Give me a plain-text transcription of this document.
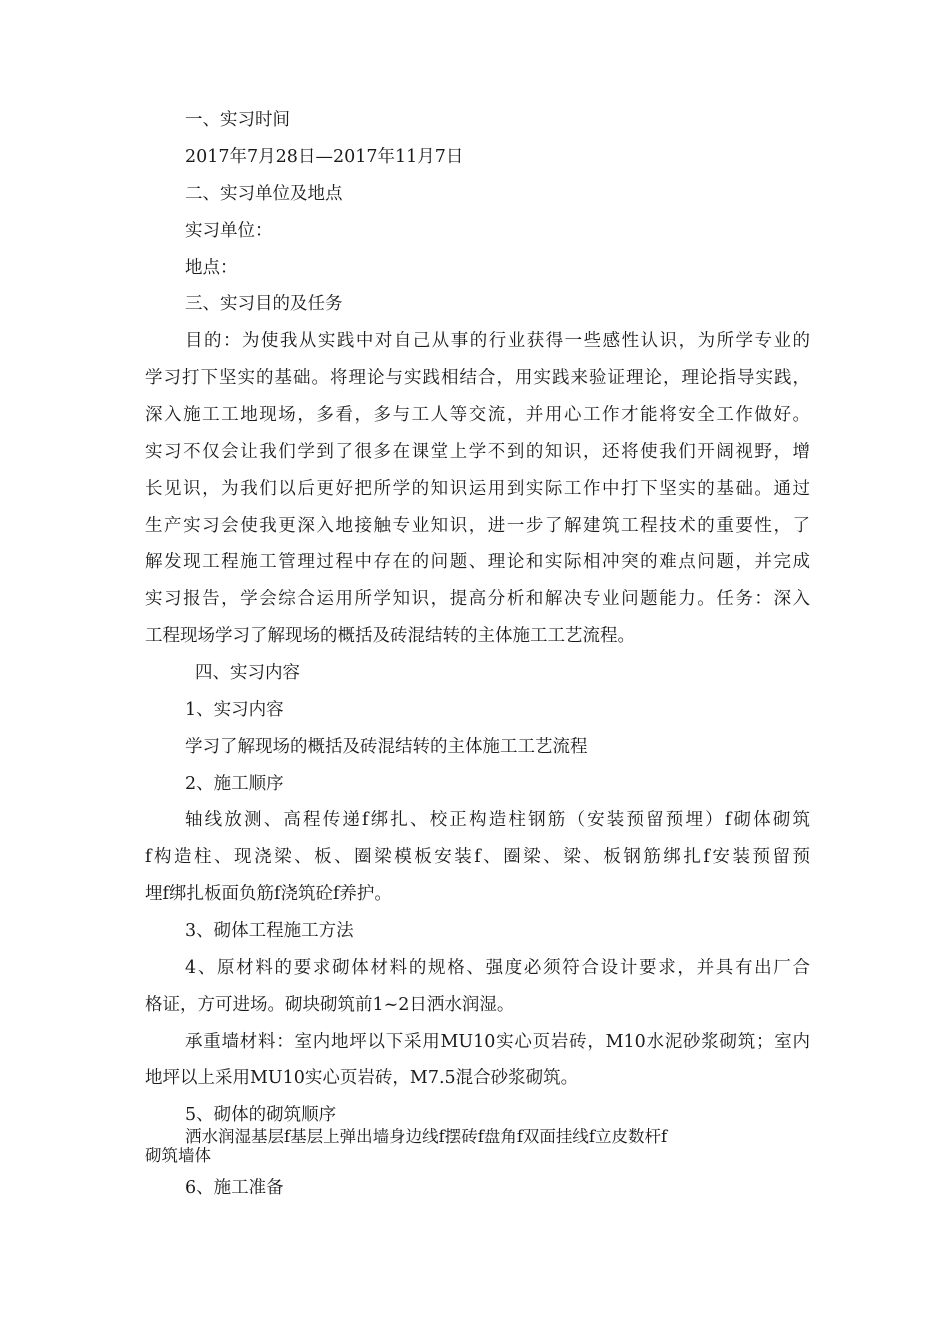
一、实习时间
2017年7月28日—2017年11月7日
二、实习单位及地点
实习单位：
地点：
三、实习目的及任务
目的：为使我从实践中对自己从事的行业获得一些感性认识，为所学专业的
学习打下坚实的基础。将理论与实践相结合，用实践来验证理论，理论指导实践，
深入施工工地现场，多看，多与工人等交流，并用心工作才能将安全工作做好。
实习不仅会让我们学到了很多在课堂上学不到的知识，还将使我们开阔视野，增
长见识，为我们以后更好把所学的知识运用到实际工作中打下坚实的基础。通过
生产实习会使我更深入地接触专业知识，进一步了解建筑工程技术的重要性，了
解发现工程施工管理过程中存在的问题、理论和实际相冲突的难点问题，并完成
实习报告，学会综合运用所学知识，提高分析和解决专业问题能力。任务：深入
工程现场学习了解现场的概括及砖混结转的主体施工工艺流程。
四、实习内容
1、实习内容
学习了解现场的概括及砖混结转的主体施工工艺流程
2、施工顺序
轴线放测、高程传递f绑扎、校正构造柱钢筋（安装预留预埋）f砌体砌筑
f构造柱、现浇梁、板、圈梁模板安装f、圈梁、梁、板钢筋绑扎f安装预留预
埋f绑扎板面负筋f浇筑砼f养护。
3、砌体工程施工方法
4、原材料的要求砌体材料的规格、强度必须符合设计要求，并具有出厂合
格证，方可进场。砌块砌筑前1~2日洒水润湿。
承重墙材料：室内地坪以下采用MU10实心页岩砖，M10水泥砂浆砌筑；室内
地坪以上采用MU10实心页岩砖，M7.5混合砂浆砌筑。
5、砌体的砌筑顺序
洒水润湿基层f基层上弹出墙身边线f摆砖f盘角f双面挂线f立皮数杆f
砌筑墙体
6、施工准备
